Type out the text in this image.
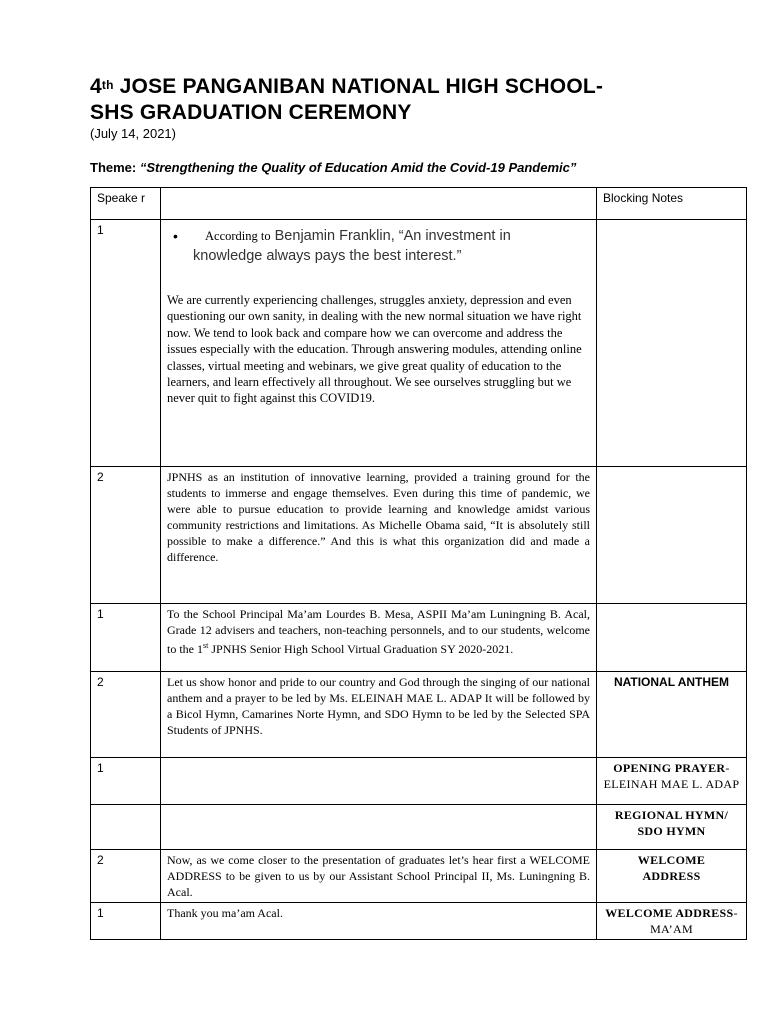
4th JOSE PANGANIBAN NATIONAL HIGH SCHOOL-
SHS GRADUATION CEREMONY
(July 14, 2021)
Theme: “Strengthening the Quality of Education Amid the Covid-19 Pandemic”
Speake r		Blocking Notes
1	• According to Benjamin Franklin, “An investment in
knowledge always pays the best interest.”
We are currently experiencing challenges, struggles anxiety, depression and even questioning our own sanity, in dealing with the new normal situation we have right now. We tend to look back and compare how we can overcome and address the issues especially with the education. Through answering modules, attending online classes, virtual meeting and webinars, we give great quality of education to the learners, and learn effectively all throughout. We see ourselves struggling but we never quit to fight against this COVID19.	

2	JPNHS as an institution of innovative learning, provided a training ground for the students to immerse and engage themselves. Even during this time of pandemic, we were able to pursue education to provide learning and knowledge amidst various community restrictions and limitations. As Michelle Obama said, “It is absolutely still possible to make a difference.” And this is what this organization did and made a difference.	
1	To the School Principal Ma’am Lourdes B. Mesa, ASPII Ma’am Luningning B. Acal, Grade 12 advisers and teachers, non-teaching personnels, and to our students, welcome to the 1st JPNHS Senior High School Virtual Graduation SY 2020-2021.	
2	Let us show honor and pride to our country and God through the singing of our national anthem and a prayer to be led by Ms. ELEINAH MAE L. ADAP It will be followed by a Bicol Hymn, Camarines Norte Hymn, and SDO Hymn to be led by the Selected SPA Students of JPNHS.	NATIONAL ANTHEM
1		OPENING PRAYER-ELEINAH MAE L. ADAP
		REGIONAL HYMN/ SDO HYMN
2	Now, as we come closer to the presentation of graduates let’s hear first a WELCOME ADDRESS to be given to us by our Assistant School Principal II, Ms. Luningning B. Acal.	WELCOME ADDRESS
1	Thank you ma’am Acal.	WELCOME ADDRESS-MA’AM
